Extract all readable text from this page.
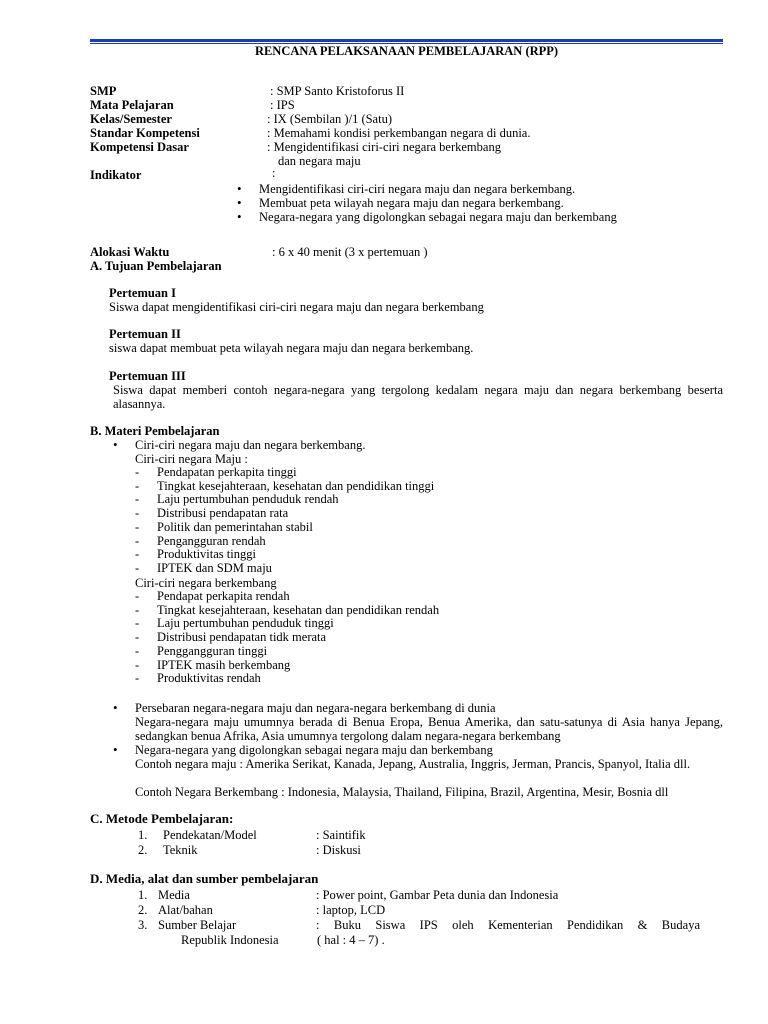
RENCANA PELAKSANAAN PEMBELAJARAN (RPP)
SMP	: SMP Santo Kristoforus II
Mata Pelajaran	: IPS
Kelas/Semester	: IX (Sembilan )/1 (Satu)
Standar Kompetensi	: Memahami kondisi perkembangan negara di dunia.
Kompetensi Dasar	: Mengidentifikasi ciri-ciri negara berkembang
dan negara maju
Indikator	:
• Mengidentifikasi ciri-ciri negara maju dan negara berkembang.
• Membuat peta wilayah negara maju dan negara berkembang.
• Negara-negara yang digolongkan sebagai negara maju dan berkembang
Alokasi Waktu	: 6 x 40 menit (3 x pertemuan )
A. Tujuan Pembelajaran
Pertemuan I
Siswa dapat mengidentifikasi ciri-ciri negara maju dan negara berkembang
Pertemuan II
siswa dapat membuat peta wilayah negara maju dan negara berkembang.
Pertemuan III
Siswa dapat memberi contoh negara-negara yang tergolong kedalam negara maju dan negara berkembang beserta alasannya.
B. Materi Pembelajaran
• Ciri-ciri negara maju dan negara berkembang.
Ciri-ciri negara Maju :
- Pendapatan perkapita tinggi
- Tingkat kesejahteraan, kesehatan dan pendidikan tinggi
- Laju pertumbuhan penduduk rendah
- Distribusi pendapatan rata
- Politik dan pemerintahan stabil
- Pengangguran rendah
- Produktivitas tinggi
- IPTEK dan SDM maju
Ciri-ciri negara berkembang
- Pendapat perkapita rendah
- Tingkat kesejahteraan, kesehatan dan pendidikan rendah
- Laju pertumbuhan penduduk tinggi
- Distribusi pendapatan tidk merata
- Penggangguran tinggi
- IPTEK masih berkembang
- Produktivitas rendah
• Persebaran negara-negara maju dan negara-negara berkembang di dunia
Negara-negara maju umumnya berada di Benua Eropa, Benua Amerika, dan satu-satunya di Asia hanya Jepang, sedangkan benua Afrika, Asia umumnya tergolong dalam negara-negara berkembang
• Negara-negara yang digolongkan sebagai negara maju dan berkembang
Contoh negara maju : Amerika Serikat, Kanada, Jepang, Australia, Inggris, Jerman, Prancis, Spanyol, Italia dll.
Contoh Negara Berkembang : Indonesia, Malaysia, Thailand, Filipina, Brazil, Argentina, Mesir, Bosnia dll
C. Metode Pembelajaran:
1. Pendekatan/Model	: Saintifik
2. Teknik	: Diskusi
D. Media, alat dan sumber pembelajaran
1. Media	: Power point, Gambar Peta dunia dan Indonesia
2. Alat/bahan	: laptop, LCD
3. Sumber Belajar	: Buku Siswa IPS oleh Kementerian Pendidikan & Budaya
Republik Indonesia	( hal : 4 – 7) .
